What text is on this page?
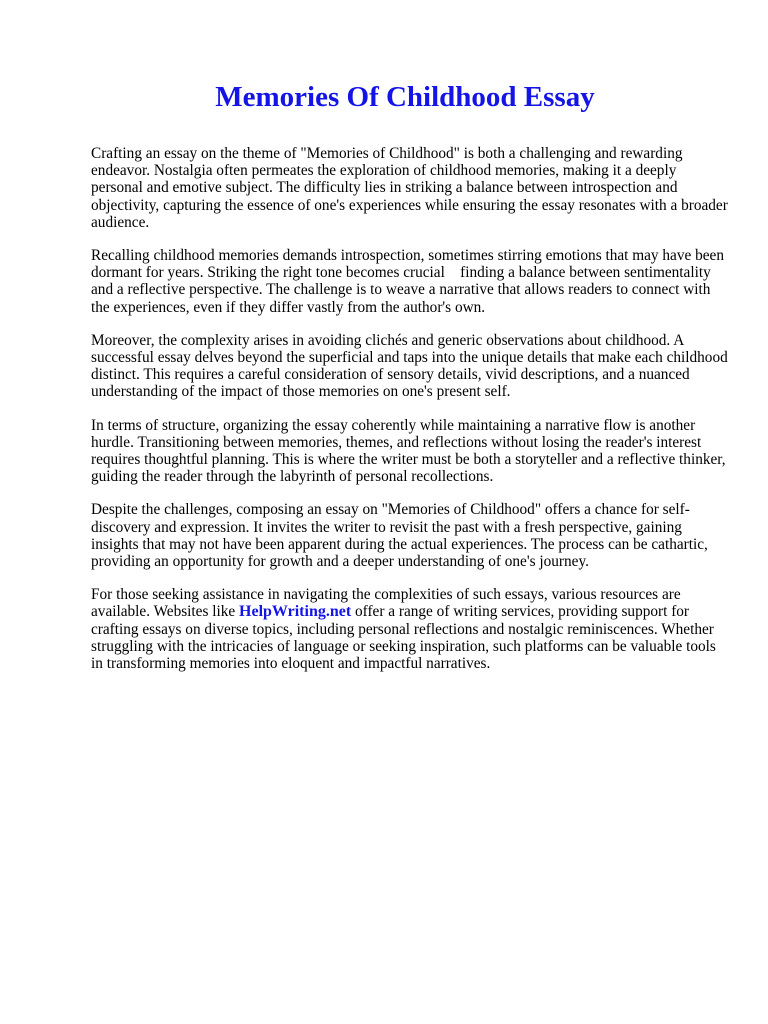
Memories Of Childhood Essay

Crafting an essay on the theme of "Memories of Childhood" is both a challenging and rewarding endeavor. Nostalgia often permeates the exploration of childhood memories, making it a deeply personal and emotive subject. The difficulty lies in striking a balance between introspection and objectivity, capturing the essence of one's experiences while ensuring the essay resonates with a broader audience.

Recalling childhood memories demands introspection, sometimes stirring emotions that may have been dormant for years. Striking the right tone becomes crucial    finding a balance between sentimentality and a reflective perspective. The challenge is to weave a narrative that allows readers to connect with the experiences, even if they differ vastly from the author's own.

Moreover, the complexity arises in avoiding clichés and generic observations about childhood. A successful essay delves beyond the superficial and taps into the unique details that make each childhood distinct. This requires a careful consideration of sensory details, vivid descriptions, and a nuanced understanding of the impact of those memories on one's present self.

In terms of structure, organizing the essay coherently while maintaining a narrative flow is another hurdle. Transitioning between memories, themes, and reflections without losing the reader's interest requires thoughtful planning. This is where the writer must be both a storyteller and a reflective thinker, guiding the reader through the labyrinth of personal recollections.

Despite the challenges, composing an essay on "Memories of Childhood" offers a chance for self-discovery and expression. It invites the writer to revisit the past with a fresh perspective, gaining insights that may not have been apparent during the actual experiences. The process can be cathartic, providing an opportunity for growth and a deeper understanding of one's journey.

For those seeking assistance in navigating the complexities of such essays, various resources are available. Websites like HelpWriting.net offer a range of writing services, providing support for crafting essays on diverse topics, including personal reflections and nostalgic reminiscences. Whether struggling with the intricacies of language or seeking inspiration, such platforms can be valuable tools in transforming memories into eloquent and impactful narratives.
